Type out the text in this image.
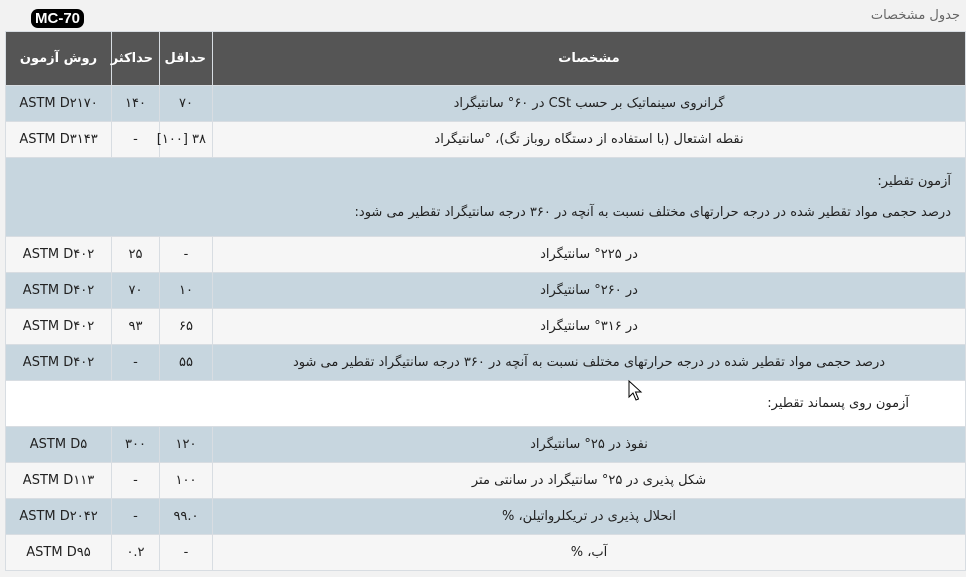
MC-70	جدول مشخصات
مشخصات	حداقل	حداکثر	روش آزمون
گرانروی سینماتیک بر حسب CSt در ۶۰° سانتیگراد	۷۰	۱۴۰	ASTM D۲۱۷۰
نقطه اشتعال (با استفاده از دستگاه روباز تگ)، °سانتیگراد	۳۸ [۱۰۰]	-	ASTM D۳۱۴۳

آزمون تقطیر:
درصد حجمی مواد تقطیر شده در درجه حرارتهای مختلف نسبت به آنچه در ۳۶۰ درجه سانتیگراد تقطیر می شود:			

در ۲۲۵° سانتیگراد	-	۲۵	ASTM D۴۰۲
در ۲۶۰° سانتیگراد	۱۰	۷۰	ASTM D۴۰۲
در ۳۱۶° سانتیگراد	۶۵	۹۳	ASTM D۴۰۲
درصد حجمی مواد تقطیر شده در درجه حرارتهای مختلف نسبت به آنچه در ۳۶۰ درجه سانتیگراد تقطیر می شود	۵۵	-	ASTM D۴۰۲
آزمون روی پسماند تقطیر:			
نفوذ در ۲۵° سانتیگراد	۱۲۰	۳۰۰	ASTM D۵
شکل پذیری در ۲۵° سانتیگراد در سانتی متر	۱۰۰	-	ASTM D۱۱۳
انحلال پذیری در تریکلرواتیلن، %	۹۹.۰	-	ASTM D۲۰۴۲
آب، %	-	۰.۲	ASTM D۹۵
